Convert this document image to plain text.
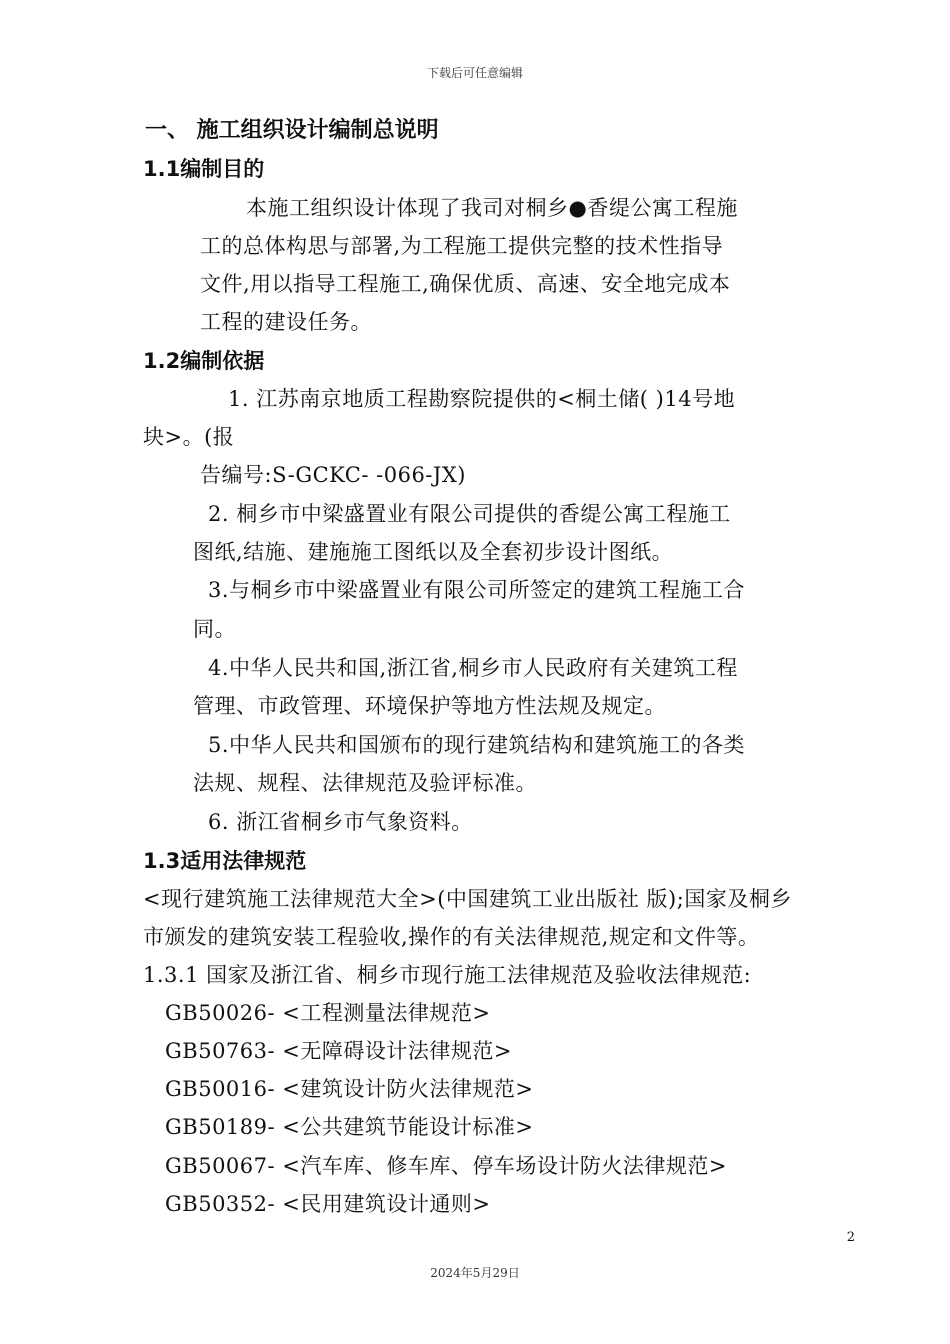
下载后可任意编辑
一、 施工组织设计编制总说明
1.1编制目的
本施工组织设计体现了我司对桐乡●香缇公寓工程施
工的总体构思与部署,为工程施工提供完整的技术性指导
文件,用以指导工程施工,确保优质、高速、安全地完成本
工程的建设任务。
1.2编制依据
1. 江苏南京地质工程勘察院提供的<桐土储( )14号地
块>。(报
告编号:S-GCKC- -066-JX)
2. 桐乡市中梁盛置业有限公司提供的香缇公寓工程施工
图纸,结施、建施施工图纸以及全套初步设计图纸。
3.与桐乡市中梁盛置业有限公司所签定的建筑工程施工合
同。
4.中华人民共和国,浙江省,桐乡市人民政府有关建筑工程
管理、市政管理、环境保护等地方性法规及规定。
5.中华人民共和国颁布的现行建筑结构和建筑施工的各类
法规、规程、法律规范及验评标准。
6. 浙江省桐乡市气象资料。
1.3适用法律规范
<现行建筑施工法律规范大全>(中国建筑工业出版社 版);国家及桐乡
市颁发的建筑安装工程验收,操作的有关法律规范,规定和文件等。
1.3.1 国家及浙江省、桐乡市现行施工法律规范及验收法律规范:
GB50026- <工程测量法律规范>
GB50763- <无障碍设计法律规范>
GB50016- <建筑设计防火法律规范>
GB50189- <公共建筑节能设计标准>
GB50067- <汽车库、修车库、停车场设计防火法律规范>
GB50352- <民用建筑设计通则>
2
2024年5月29日
